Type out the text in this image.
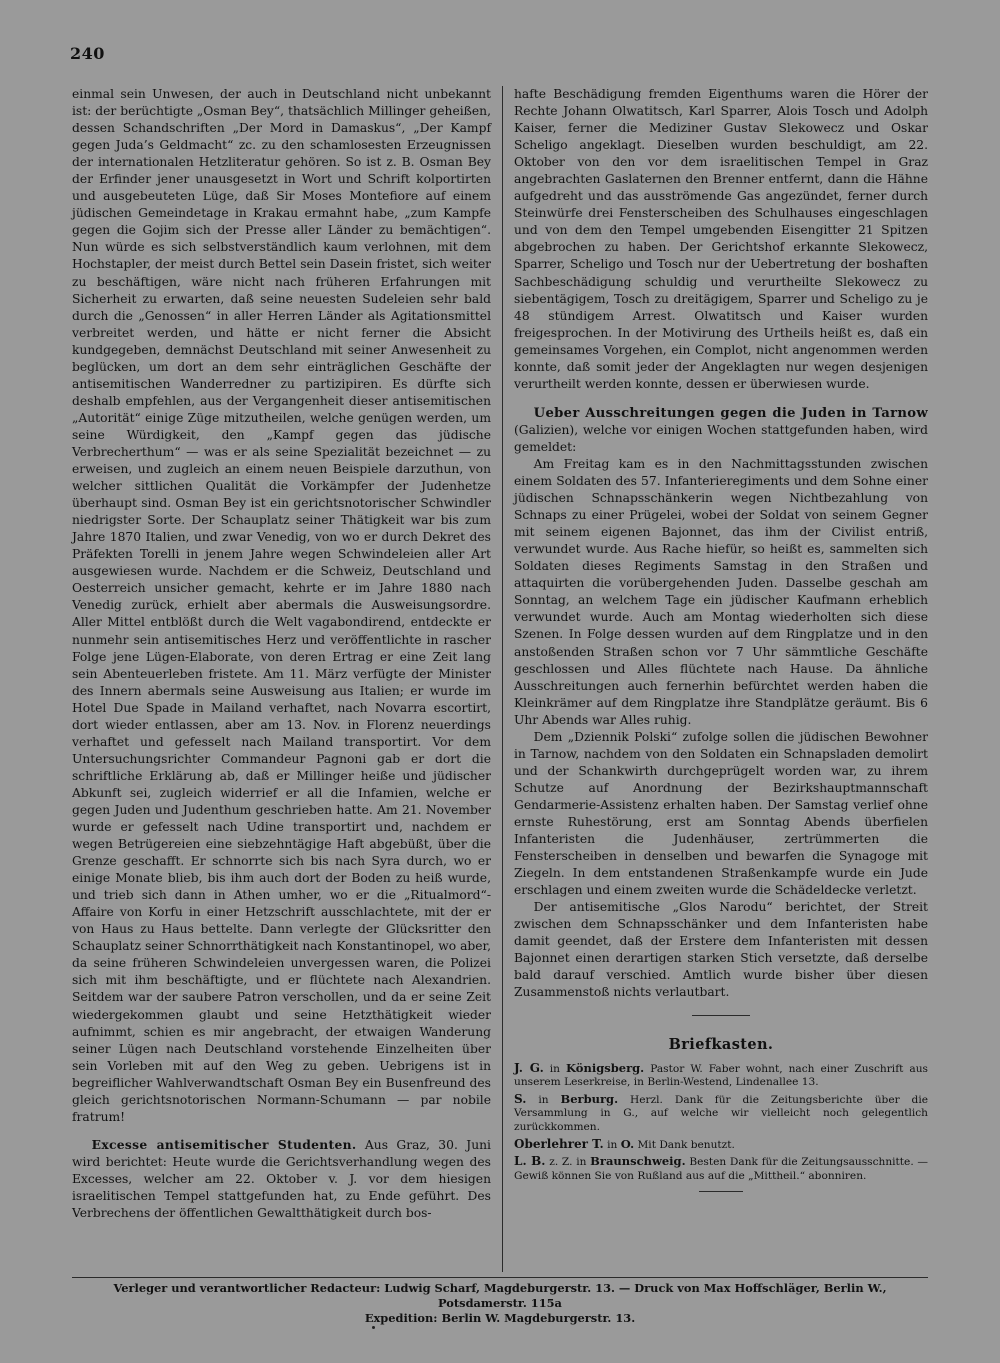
240

einmal sein Unwesen, der auch in Deutschland nicht unbekannt ist: der berüchtigte „Osman Bey“, thatsächlich Millinger geheißen, dessen Schandschriften „Der Mord in Damaskus“, „Der Kampf gegen Juda’s Geldmacht“ zc. zu den schamlosesten Erzeugnissen der internationalen Hetzliteratur gehören. So ist z. B. Osman Bey der Erfinder jener unausgesetzt in Wort und Schrift kolportirten und ausgebeuteten Lüge, daß Sir Moses Montefiore auf einem jüdischen Gemeindetage in Krakau ermahnt habe, „zum Kampfe gegen die Gojim sich der Presse aller Länder zu bemächtigen“. Nun würde es sich selbstverständlich kaum verlohnen, mit dem Hochstapler, der meist durch Bettel sein Dasein fristet, sich weiter zu beschäftigen, wäre nicht nach früheren Erfahrungen mit Sicherheit zu erwarten, daß seine neuesten Sudeleien sehr bald durch die „Genossen“ in aller Herren Länder als Agitationsmittel verbreitet werden, und hätte er nicht ferner die Absicht kundgegeben, demnächst Deutschland mit seiner Anwesenheit zu beglücken, um dort an dem sehr einträglichen Geschäfte der antisemitischen Wanderredner zu partizipiren. Es dürfte sich deshalb empfehlen, aus der Vergangenheit dieser antisemitischen „Autorität“ einige Züge mitzutheilen, welche genügen werden, um seine Würdigkeit, den „Kampf gegen das jüdische Verbrecherthum“ — was er als seine Spezialität bezeichnet — zu erweisen, und zugleich an einem neuen Beispiele darzuthun, von welcher sittlichen Qualität die Vorkämpfer der Judenhetze überhaupt sind. Osman Bey ist ein gerichtsnotorischer Schwindler niedrigster Sorte. Der Schauplatz seiner Thätigkeit war bis zum Jahre 1870 Italien, und zwar Venedig, von wo er durch Dekret des Präfekten Torelli in jenem Jahre wegen Schwindeleien aller Art ausgewiesen wurde. Nachdem er die Schweiz, Deutschland und Oesterreich unsicher gemacht, kehrte er im Jahre 1880 nach Venedig zurück, erhielt aber abermals die Ausweisungsordre. Aller Mittel entblößt durch die Welt vagabondirend, entdeckte er nunmehr sein antisemitisches Herz und veröffentlichte in rascher Folge jene Lügen-Elaborate, von deren Ertrag er eine Zeit lang sein Abenteuerleben fristete. Am 11. März verfügte der Minister des Innern abermals seine Ausweisung aus Italien; er wurde im Hotel Due Spade in Mailand verhaftet, nach Novarra escortirt, dort wieder entlassen, aber am 13. Nov. in Florenz neuerdings verhaftet und gefesselt nach Mailand transportirt. Vor dem Untersuchungsrichter Commandeur Pagnoni gab er dort die schriftliche Erklärung ab, daß er Millinger heiße und jüdischer Abkunft sei, zugleich widerrief er all die Infamien, welche er gegen Juden und Judenthum geschrieben hatte. Am 21. November wurde er gefesselt nach Udine transportirt und, nachdem er wegen Betrügereien eine siebzehntägige Haft abgebüßt, über die Grenze geschafft. Er schnorrte sich bis nach Syra durch, wo er einige Monate blieb, bis ihm auch dort der Boden zu heiß wurde, und trieb sich dann in Athen umher, wo er die „Ritualmord“-Affaire von Korfu in einer Hetzschrift ausschlachtete, mit der er von Haus zu Haus bettelte. Dann verlegte der Glücksritter den Schauplatz seiner Schnorrthätigkeit nach Konstantinopel, wo aber, da seine früheren Schwindeleien unvergessen waren, die Polizei sich mit ihm beschäftigte, und er flüchtete nach Alexandrien. Seitdem war der saubere Patron verschollen, und da er seine Zeit wiedergekommen glaubt und seine Hetzthätigkeit wieder aufnimmt, schien es mir angebracht, der etwaigen Wanderung seiner Lügen nach Deutschland vorstehende Einzelheiten über sein Vorleben mit auf den Weg zu geben. Uebrigens ist in begreiflicher Wahlverwandtschaft Osman Bey ein Busenfreund des gleich gerichtsnotorischen Normann-Schumann — par nobile fratrum!

Excesse antisemitischer Studenten. Aus Graz, 30. Juni wird berichtet: Heute wurde die Gerichtsverhandlung wegen des Excesses, welcher am 22. Oktober v. J. vor dem hiesigen israelitischen Tempel stattgefunden hat, zu Ende geführt. Des Verbrechens der öffentlichen Gewaltthätigkeit durch bos-

hafte Beschädigung fremden Eigenthums waren die Hörer der Rechte Johann Olwatitsch, Karl Sparrer, Alois Tosch und Adolph Kaiser, ferner die Mediziner Gustav Slekowecz und Oskar Scheligo angeklagt. Dieselben wurden beschuldigt, am 22. Oktober von den vor dem israelitischen Tempel in Graz angebrachten Gaslaternen den Brenner entfernt, dann die Hähne aufgedreht und das ausströmende Gas angezündet, ferner durch Steinwürfe drei Fensterscheiben des Schulhauses eingeschlagen und von dem den Tempel umgebenden Eisengitter 21 Spitzen abgebrochen zu haben. Der Gerichtshof erkannte Slekowecz, Sparrer, Scheligo und Tosch nur der Uebertretung der boshaften Sachbeschädigung schuldig und verurtheilte Slekowecz zu siebentägigem, Tosch zu dreitägigem, Sparrer und Scheligo zu je 48 stündigem Arrest. Olwatitsch und Kaiser wurden freigesprochen. In der Motivirung des Urtheils heißt es, daß ein gemeinsames Vorgehen, ein Complot, nicht angenommen werden konnte, daß somit jeder der Angeklagten nur wegen desjenigen verurtheilt werden konnte, dessen er überwiesen wurde.

Ueber Ausschreitungen gegen die Juden in Tarnow (Galizien), welche vor einigen Wochen stattgefunden haben, wird gemeldet:

Am Freitag kam es in den Nachmittagsstunden zwischen einem Soldaten des 57. Infanterieregiments und dem Sohne einer jüdischen Schnapsschänkerin wegen Nichtbezahlung von Schnaps zu einer Prügelei, wobei der Soldat von seinem Gegner mit seinem eigenen Bajonnet, das ihm der Civilist entriß, verwundet wurde. Aus Rache hiefür, so heißt es, sammelten sich Soldaten dieses Regiments Samstag in den Straßen und attaquirten die vorübergehenden Juden. Dasselbe geschah am Sonntag, an welchem Tage ein jüdischer Kaufmann erheblich verwundet wurde. Auch am Montag wiederholten sich diese Szenen. In Folge dessen wurden auf dem Ringplatze und in den anstoßenden Straßen schon vor 7 Uhr sämmtliche Geschäfte geschlossen und Alles flüchtete nach Hause. Da ähnliche Ausschreitungen auch fernerhin befürchtet werden haben die Kleinkrämer auf dem Ringplatze ihre Standplätze geräumt. Bis 6 Uhr Abends war Alles ruhig.

Dem „Dziennik Polski“ zufolge sollen die jüdischen Bewohner in Tarnow, nachdem von den Soldaten ein Schnapsladen demolirt und der Schankwirth durchgeprügelt worden war, zu ihrem Schutze auf Anordnung der Bezirkshauptmannschaft Gendarmerie-Assistenz erhalten haben. Der Samstag verlief ohne ernste Ruhestörung, erst am Sonntag Abends überfielen Infanteristen die Judenhäuser, zertrümmerten die Fensterscheiben in denselben und bewarfen die Synagoge mit Ziegeln. In dem entstandenen Straßenkampfe wurde ein Jude erschlagen und einem zweiten wurde die Schädeldecke verletzt.

Der antisemitische „Glos Narodu“ berichtet, der Streit zwischen dem Schnapsschänker und dem Infanteristen habe damit geendet, daß der Erstere dem Infanteristen mit dessen Bajonnet einen derartigen starken Stich versetzte, daß derselbe bald darauf verschied. Amtlich wurde bisher über diesen Zusammenstoß nichts verlautbart.

Briefkasten.

J. G. in Königsberg. Pastor W. Faber wohnt, nach einer Zuschrift aus unserem Leserkreise, in Berlin-Westend, Lindenallee 13.

S. in Berburg. Herzl. Dank für die Zeitungsberichte über die Versammlung in G., auf welche wir vielleicht noch gelegentlich zurückkommen.

Oberlehrer T. in O. Mit Dank benutzt.

L. B. z. Z. in Braunschweig. Besten Dank für die Zeitungsausschnitte. — Gewiß können Sie von Rußland aus auf die „Mittheil.“ abonniren.

Verleger und verantwortlicher Redacteur: Ludwig Scharf, Magdeburgerstr. 13. — Druck von Max Hoffschläger, Berlin W., Potsdamerstr. 115a
Expedition: Berlin W. Magdeburgerstr. 13.
